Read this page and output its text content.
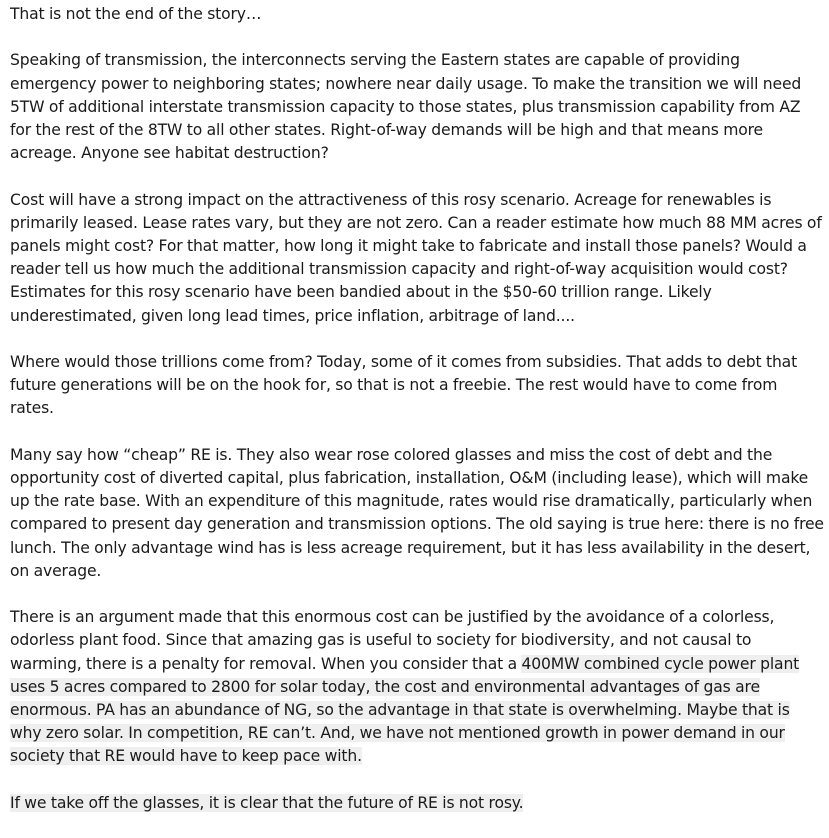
That is not the end of the story…

Speaking of transmission, the interconnects serving the Eastern states are capable of providing emergency power to neighboring states; nowhere near daily usage. To make the transition we will need 5TW of additional interstate transmission capacity to those states, plus transmission capability from AZ for the rest of the 8TW to all other states. Right-of-way demands will be high and that means more acreage. Anyone see habitat destruction?

Cost will have a strong impact on the attractiveness of this rosy scenario. Acreage for renewables is primarily leased. Lease rates vary, but they are not zero. Can a reader estimate how much 88 MM acres of panels might cost? For that matter, how long it might take to fabricate and install those panels? Would a reader tell us how much the additional transmission capacity and right-of-way acquisition would cost? Estimates for this rosy scenario have been bandied about in the $50-60 trillion range. Likely underestimated, given long lead times, price inflation, arbitrage of land....

Where would those trillions come from? Today, some of it comes from subsidies. That adds to debt that future generations will be on the hook for, so that is not a freebie. The rest would have to come from rates.

Many say how “cheap” RE is. They also wear rose colored glasses and miss the cost of debt and the opportunity cost of diverted capital, plus fabrication, installation, O&M (including lease), which will make up the rate base. With an expenditure of this magnitude, rates would rise dramatically, particularly when compared to present day generation and transmission options. The old saying is true here: there is no free lunch. The only advantage wind has is less acreage requirement, but it has less availability in the desert, on average.

There is an argument made that this enormous cost can be justified by the avoidance of a colorless, odorless plant food. Since that amazing gas is useful to society for biodiversity, and not causal to warming, there is a penalty for removal. When you consider that a 400MW combined cycle power plant uses 5 acres compared to 2800 for solar today, the cost and environmental advantages of gas are enormous. PA has an abundance of NG, so the advantage in that state is overwhelming. Maybe that is why zero solar. In competition, RE can’t. And, we have not mentioned growth in power demand in our society that RE would have to keep pace with.

If we take off the glasses, it is clear that the future of RE is not rosy.
